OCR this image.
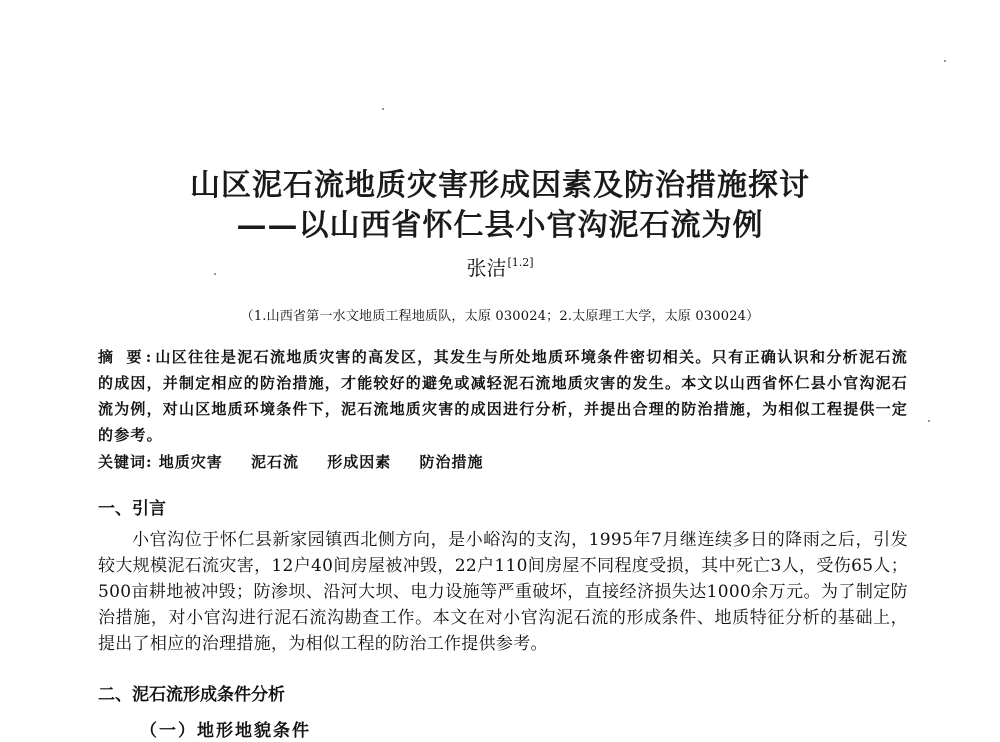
山区泥石流地质灾害形成因素及防治措施探讨
——以山西省怀仁县小官沟泥石流为例
张洁[1.2]
（1.山西省第一水文地质工程地质队，太原 030024；2.太原理工大学，太原 030024）
摘 要:山区往往是泥石流地质灾害的高发区，其发生与所处地质环境条件密切相关。只有正确认识和分析泥石流的成因，并制定相应的防治措施，才能较好的避免或减轻泥石流地质灾害的发生。本文以山西省怀仁县小官沟泥石流为例，对山区地质环境条件下，泥石流地质灾害的成因进行分析，并提出合理的防治措施，为相似工程提供一定的参考。
关键词: 地质灾害 泥石流 形成因素 防治措施
一、引言

小官沟位于怀仁县新家园镇西北侧方向，是小峪沟的支沟，1995年7月继连续多日的降雨之后，引发较大规模泥石流灾害，12户40间房屋被冲毁，22户110间房屋不同程度受损，其中死亡3人，受伤65人；500亩耕地被冲毁；防渗坝、沿河大坝、电力设施等严重破坏，直接经济损失达1000余万元。为了制定防治措施，对小官沟进行泥石流沟勘查工作。本文在对小官沟泥石流的形成条件、地质特征分析的基础上，提出了相应的治理措施，为相似工程的防治工作提供参考。

二、泥石流形成条件分析
（一）地形地貌条件
